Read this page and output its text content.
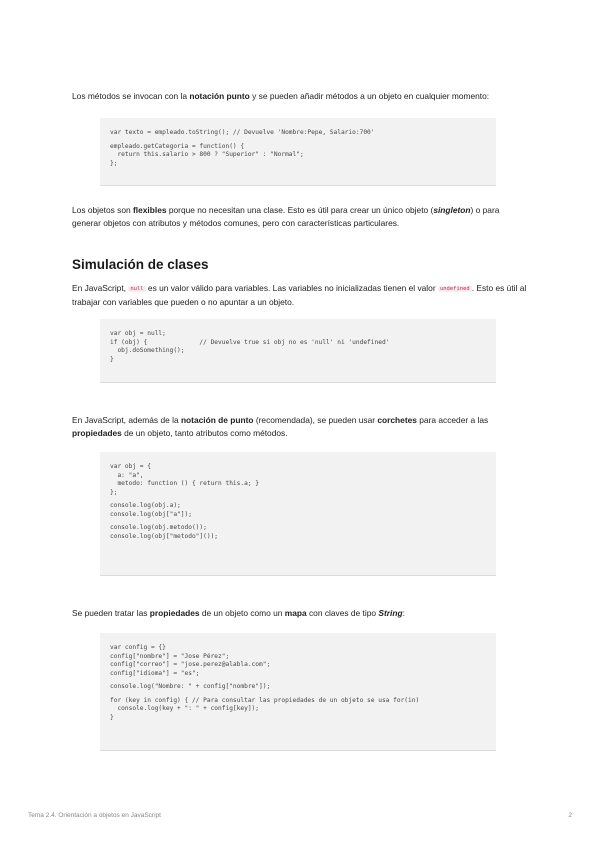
Los métodos se invocan con la notación punto y se pueden añadir métodos a un objeto en cualquier momento:
var texto = empleado.toString(); // Devuelve 'Nombre:Pepe, Salario:700'
empleado.getCategoria = function() {
return this.salario > 800 ? "Superior" : "Normal";
};
Los objetos son flexibles porque no necesitan una clase. Esto es útil para crear un único objeto (singleton) o para generar objetos con atributos y métodos comunes, pero con características particulares.
Simulación de clases
En JavaScript, null es un valor válido para variables. Las variables no inicializadas tienen el valor undefined . Esto es útil al trabajar con variables que pueden o no apuntar a un objeto.
var obj = null;
if (obj) {              // Devuelve true si obj no es 'null' ni 'undefined'
obj.doSomething();
}
En JavaScript, además de la notación de punto (recomendada), se pueden usar corchetes para acceder a las propiedades de un objeto, tanto atributos como métodos.
var obj = {
a: "a",
metodo: function () { return this.a; }
};
console.log(obj.a);
console.log(obj["a"]);
console.log(obj.metodo());
console.log(obj["metodo"]());
Se pueden tratar las propiedades de un objeto como un mapa con claves de tipo String:
var config = {}
config["nombre"] = "Jose Pérez";
config["correo"] = "jose.perez@alabla.com";
config["idioma"] = "es";
console.log("Nombre: " + config["nombre"]);
for (key in config) { // Para consultar las propiedades de un objeto se usa for(in)
console.log(key + ": " + config[key]);
}
Tema 2.4. Orientación a objetos en JavaScript	2
